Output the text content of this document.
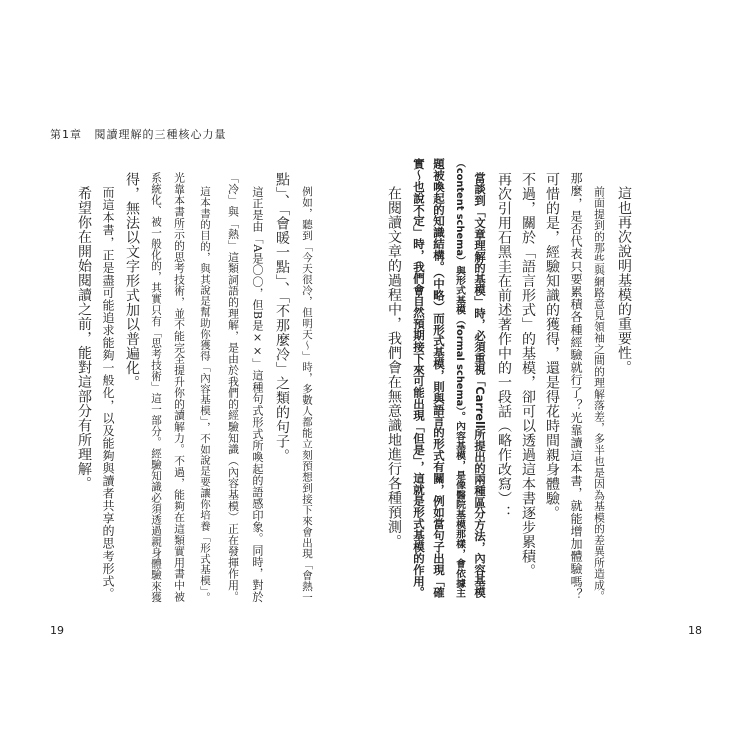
第1章 閱讀理解的三種核心力量
這也再次說明基模的重要性。
前面提到的那些與網路意見領袖之間的理解落差，多半也是因為基模的差異所造成。
那麼，是否代表只要累積各種經驗就行了？光靠讀這本書，就能增加體驗嗎？
可惜的是，經驗知識的獲得，還是得花時間親身體驗。
不過，關於「語言形式」的基模，卻可以透過這本書逐步累積。
再次引用石黑圭在前述著作中的一段話（略作改寫）：
當談到「文章理解的基模」時，必須重視「Carrell所提出的兩種區分方法，內容基模
（content schema）與形式基模（formal schema）。內容基模，是像醫院基模那樣，會依據主
題被喚起的知識結構。（中略）而形式基模，則與語言的形式有關，例如當句子出現「確
實～也說不定」時，我們會自然預期接下來可能出現「但是」，這就是形式基模的作用。
在閱讀文章的過程中，我們會在無意識地進行各種預測。
例如，聽到「今天很冷，但明天～」時，多數人都能立刻預想到接下來會出現「會熱一
點」、「會暖一點」、「不那麼冷」之類的句子。
這正是由「A是〇〇，但B是××」這種句式形式所喚起的語感印象。同時，對於
「冷」與「熱」這類詞語的理解，是由於我們的經驗知識（內容基模）正在發揮作用。
這本書的目的，與其說是幫助你獲得「內容基模」，不如說是要讓你培養「形式基模」。
光靠本書所示的思考技術，並不能完全提升你的讀解力。不過，能夠在這類實用書中被
系統化、被一般化的，其實只有「思考技術」這一部分。經驗知識必須透過親身體驗來獲
得，無法以文字形式加以普遍化。
而這本書，正是盡可能追求能夠一般化，以及能夠與讀者共享的思考形式。
希望你在開始閱讀之前，能對這部分有所理解。
19	18
